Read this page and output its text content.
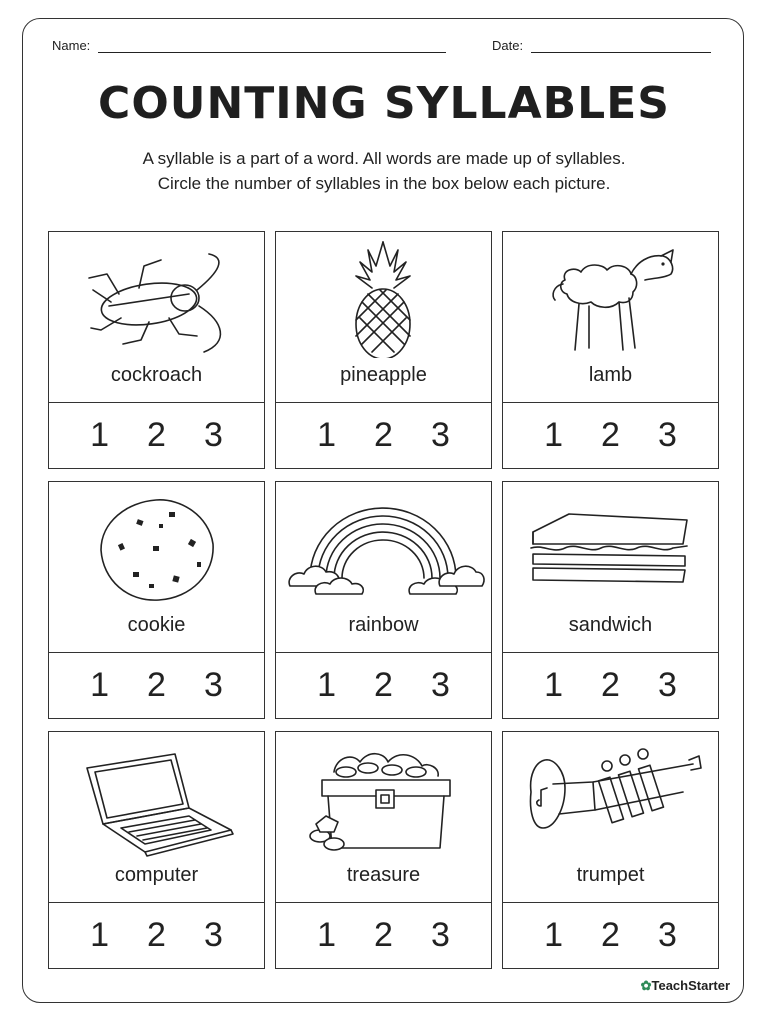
Name:	Date:
COUNTING SYLLABLES
A syllable is a part of a word. All words are made up of syllables.
Circle the number of syllables in the box below each picture.
cockroach
1 2 3
pineapple
1 2 3
lamb
1 2 3
cookie
1 2 3
rainbow
1 2 3
sandwich
1 2 3
computer
1 2 3
treasure
1 2 3
trumpet
1 2 3
✿TeachStarter
